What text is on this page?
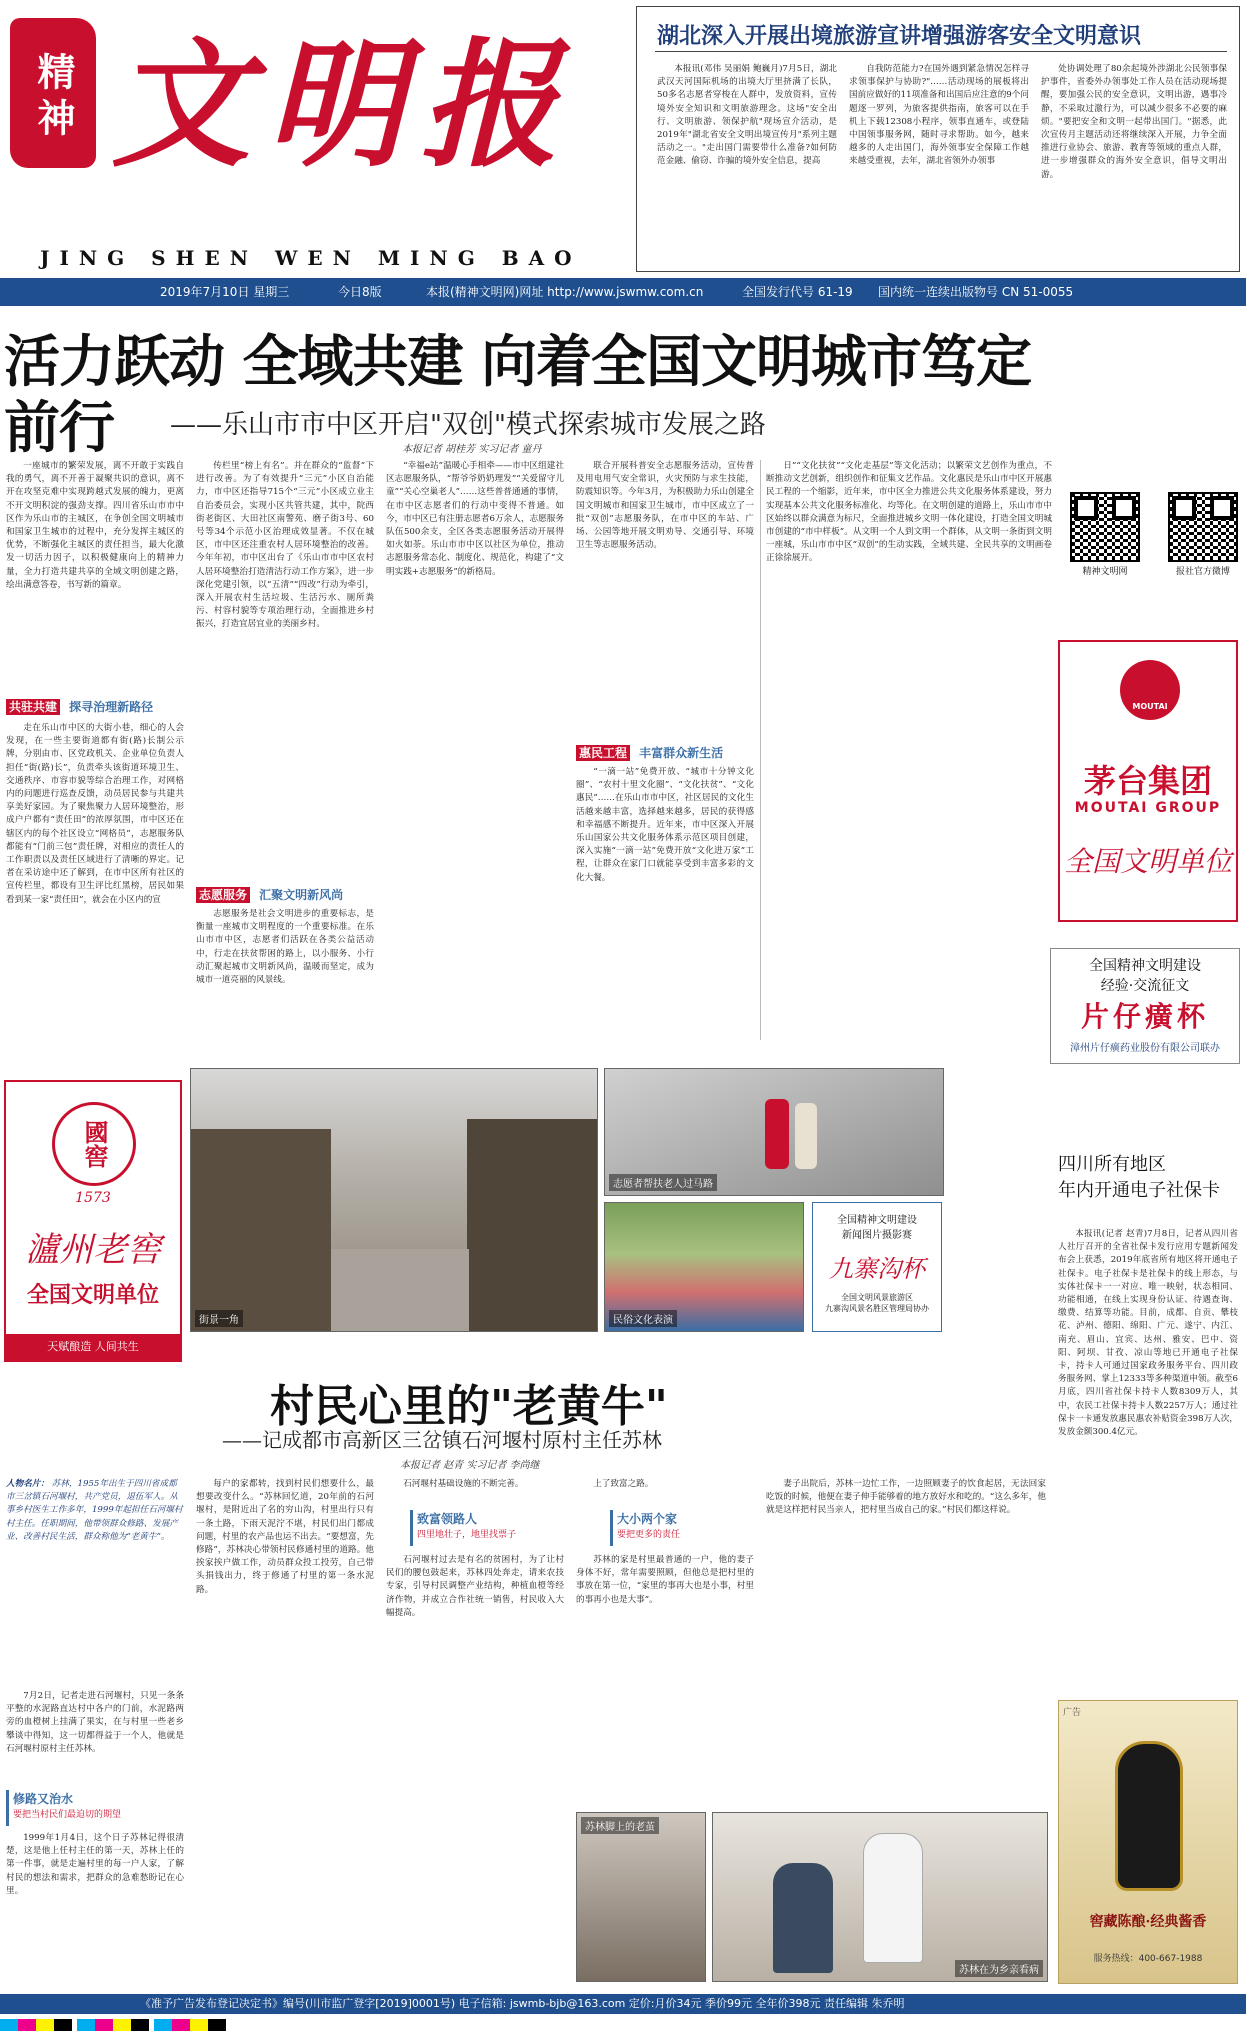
精神 文明报
JING SHEN WEN MING BAO
2019年7月10日 星期三	今日8版	本报(精神文明网)网址 http://www.jswmw.com.cn	全国发行代号 61-19 国内统一连续出版物号 CN 51-0055
湖北深入开展出境旅游宣讲增强游客安全文明意识
本报讯(邓伟 吴丽娟 鲍巍月)7月5日，湖北武汉天河国际机场的出境大厅里挤满了长队，50多名志愿者穿梭在人群中，发放资料，宣传境外安全知识和文明旅游理念。这场"安全出行、文明旅游、领保护航"现场宣介活动，是2019年"湖北省安全文明出境宣传月"系列主题活动之一。"走出国门需要带什么准备?如何防范金融、偷窃、诈骗的境外安全信息，提高
自我防范能力?在国外遇到紧急情况怎样寻求领事保护与协助?"……活动现场的展板将出国前应做好的11项准备和出国后应注意的9个问题逐一罗列，为旅客提供指南，旅客可以在手机上下载12308小程序，领事直通车，或登陆中国领事服务网，随时寻求帮助。如今，越来越多的人走出国门，海外领事安全保障工作越来越受重视，去年，湖北省领外办领事
处协调处理了80余起境外涉湖北公民领事保护事件，省委外办领事处工作人员在活动现场提醒，要加强公民的安全意识，文明出游，遇事冷静，不采取过激行为，可以减少很多不必要的麻烦。"要把安全和文明一起带出国门。"据悉，此次宣传月主题活动还将继续深入开展，力争全面推进行业协会、旅游、教育等领域的重点人群，进一步增强群众的海外安全意识，倡导文明出游。
活力跃动 全域共建 向着全国文明城市笃定前行	——乐山市市中区开启"双创"模式探索城市发展之路
本报记者 胡桂芳 实习记者 童丹
一座城市的繁荣发展，离不开敢于实践自我的勇气，离不开善于凝聚共识的意识，离不开在攻坚克难中实现跨越式发展的魄力，更离不开文明积淀的强劲支撑。四川省乐山市市中区作为乐山市的主城区，在争创全国文明城市和国家卫生城市的过程中，充分发挥主城区的优势，不断强化主城区的责任担当，最大化激发一切活力因子，以积极健康向上的精神力量，全力打造共建共享的全域文明创建之路，绘出满意答卷，书写新的篇章。
共驻共建 探寻治理新路径
走在乐山市中区的大街小巷，细心的人会发现，在一些主要街道都有街(路)长制公示牌，分别由市、区党政机关、企业单位负责人担任“街(路)长”，负责牵头该街道环境卫生、交通秩序、市容市貌等综合治理工作，对网格内的问题进行巡查反馈，动员居民参与共建共享美好家园。为了聚焦聚力人居环境整治，形成户户都有“责任田”的浓厚氛围，市中区还在辖区内的每个社区设立“网格员”，志愿服务队都能有“门前三包”责任牌，对相应的责任人的工作职责以及责任区域进行了清晰的界定。记者在采访途中还了解到，在市中区所有社区的宣传栏里，都设有卫生评比红黑榜，居民如果看到某一家“责任田”，就会在小区内的宣
传栏里“榜上有名”。并在群众的“监督”下进行改善。为了有效提升“三元”小区自治能力，市中区还指导715个“三元”小区成立业主自治委员会，实现小区共管共建，其中，院西街老街区、大田社区南警苑、磨子街3号、60号等34个示范小区治理成效显著。不仅在城区，市中区还注重农村人居环境整治的改善。今年年初，市中区出台了《乐山市市中区农村人居环境整治打造清洁行动工作方案》，进一步深化党建引领，以“五清”“四改”行动为牵引，深入开展农村生活垃圾、生活污水、厕所粪污、村容村貌等专项治理行动，全面推进乡村振兴，打造宜居宜业的美丽乡村。
志愿服务 汇聚文明新风尚
志愿服务是社会文明进步的重要标志，是衡量一座城市文明程度的一个重要标准。在乐山市市中区，志愿者们活跃在各类公益活动中，行走在扶贫帮困的路上，以小服务、小行动汇聚起城市文明新风尚，温暖而坚定，成为城市一道亮丽的风景线。
“幸福e站”温暖心手相牵——市中区组建社区志愿服务队，“帮爷爷奶奶理发”“关爱留守儿童”“关心空巢老人”……这些普普通通的事情，在市中区志愿者们的行动中变得不普通。如今，市中区已有注册志愿者6万余人，志愿服务队伍500余支，全区各类志愿服务活动开展得如火如荼。乐山市市中区以社区为单位，推动志愿服务常态化、制度化、规范化，构建了“文明实践+志愿服务”的新格局。
联合开展科普安全志愿服务活动，宣传普及用电用气安全常识，火灾预防与求生技能，防震知识等。今年3月，为积极助力乐山创建全国文明城市和国家卫生城市，市中区成立了一批“双创”志愿服务队，在市中区的车站、广场、公园等地开展文明劝导、交通引导、环境卫生等志愿服务活动。
惠民工程 丰富群众新生活
“一滴一站”免费开放、“城市十分钟文化圈”、“农村十里文化圈”、“文化扶贫”、“文化惠民”……在乐山市市中区，社区居民的文化生活越来越丰富，选择越来越多，居民的获得感和幸福感不断提升。近年来，市中区深入开展乐山国家公共文化服务体系示范区项目创建，深入实施“一滴一站”免费开放“文化进万家”工程，让群众在家门口就能享受到丰富多彩的文化大餐。
日”“文化扶贫”“文化走基层”等文化活动；以繁荣文艺创作为重点，不断推动文艺创新，组织创作和征集文艺作品。文化惠民是乐山市中区开展惠民工程的一个缩影，近年来，市中区全力推进公共文化服务体系建设，努力实现基本公共文化服务标准化、均等化。在文明创建的道路上，乐山市市中区始终以群众满意为标尺，全面推进城乡文明一体化建设，打造全国文明城市创建的“市中样板”。从文明一个人到文明一个群体，从文明一条街到文明一座城，乐山市市中区“双创”的生动实践，全域共建、全民共享的文明画卷正徐徐展开。
精神文明网	报社官方微博
MOUTAI
茅台集团
MOUTAI GROUP
全国文明单位
全国精神文明建设
经验·交流征文
片仔癀杯
漳州片仔癀药业股份有限公司联办
國窖
1573
瀘州老窖
全国文明单位
天赋酿造 人间共生
街景一角
志愿者帮扶老人过马路
民俗文化表演
全国精神文明建设
新闻图片摄影赛
九寨沟杯
全国文明风景旅游区
九寨沟风景名胜区管理局协办
四川所有地区
年内开通电子社保卡
本报讯(记者 赵青)7月8日，记者从四川省人社厅召开的全省社保卡发行应用专题新闻发布会上获悉，2019年底省所有地区将开通电子社保卡。电子社保卡是社保卡的线上形态，与实体社保卡一一对应、唯一映射，状态相同、功能相通，在线上实现身份认证、待遇查询、缴费、结算等功能。目前，成都、自贡、攀枝花、泸州、德阳、绵阳、广元、遂宁、内江、南充、眉山、宜宾、达州、雅安、巴中、资阳、阿坝、甘孜、凉山等地已开通电子社保卡，持卡人可通过国家政务服务平台、四川政务服务网、掌上12333等多种渠道申领。截至6月底，四川省社保卡持卡人数8309万人，其中，农民工社保卡持卡人数2257万人；通过社保卡一卡通发放惠民惠农补贴资金398万人次，发放金额300.4亿元。
广告
窖藏陈酿·经典酱香
服务热线：400-667-1988
村民心里的"老黄牛"
——记成都市高新区三岔镇石河堰村原村主任苏林
本报记者 赵青 实习记者 李尚继
人物名片： 苏林，1955年出生于四川省成都市三岔镇石河堰村，共产党员，退伍军人。从事乡村医生工作多年，1999年起担任石河堰村村主任。任职期间，他带领群众修路、发展产业、改善村民生活，群众称他为“老黄牛”。
7月2日，记者走进石河堰村，只见一条条平整的水泥路直达村中各户的门前，水泥路两旁的血橙树上挂满了果实，在与村里一些老乡攀谈中得知，这一切都得益于一个人，他就是石河堰村原村主任苏林。
修路又治水
要把当村民们最迫切的期望
1999年1月4日，这个日子苏林记得很清楚，这是他上任村主任的第一天，苏林上任的第一件事，就是走遍村里的每一户人家，了解村民的想法和需求，把群众的急难愁盼记在心里。
每户的家都转，找到村民们想要什么，最想要改变什么。“苏林回忆道，20年前的石河堰村，是附近出了名的穷山沟，村里出行只有一条土路，下雨天泥泞不堪，村民们出门都成问题，村里的农产品也运不出去。“要想富，先修路”，苏林决心带领村民修通村里的道路。他挨家挨户做工作，动员群众投工投劳，自己带头捐钱出力，终于修通了村里的第一条水泥路。
石河堰村基础设施的不断完善。
致富领路人
四里地壮子，地里找票子
石河堰村过去是有名的贫困村，为了让村民们的腰包鼓起来，苏林四处奔走，请来农技专家，引导村民调整产业结构，种植血橙等经济作物，并成立合作社统一销售，村民收入大幅提高。
上了致富之路。
大小两个家
要把更多的责任
苏林的家是村里最普通的一户，他的妻子身体不好，常年需要照顾，但他总是把村里的事放在第一位，“家里的事再大也是小事，村里的事再小也是大事”。
妻子出院后，苏林一边忙工作，一边照顾妻子的饮食起居，无法回家吃饭的时候，他便在妻子伸手能够着的地方放好水和吃的。“这么多年，他就是这样把村民当亲人，把村里当成自己的家。”村民们都这样说。
苏林脚上的老茧
苏林在为乡亲看病
《准予广告发布登记决定书》编号(川市监广登字[2019]0001号) 电子信箱: jswmb-bjb@163.com 定价:月价34元 季价99元 全年价398元 责任编辑 朱乔明
